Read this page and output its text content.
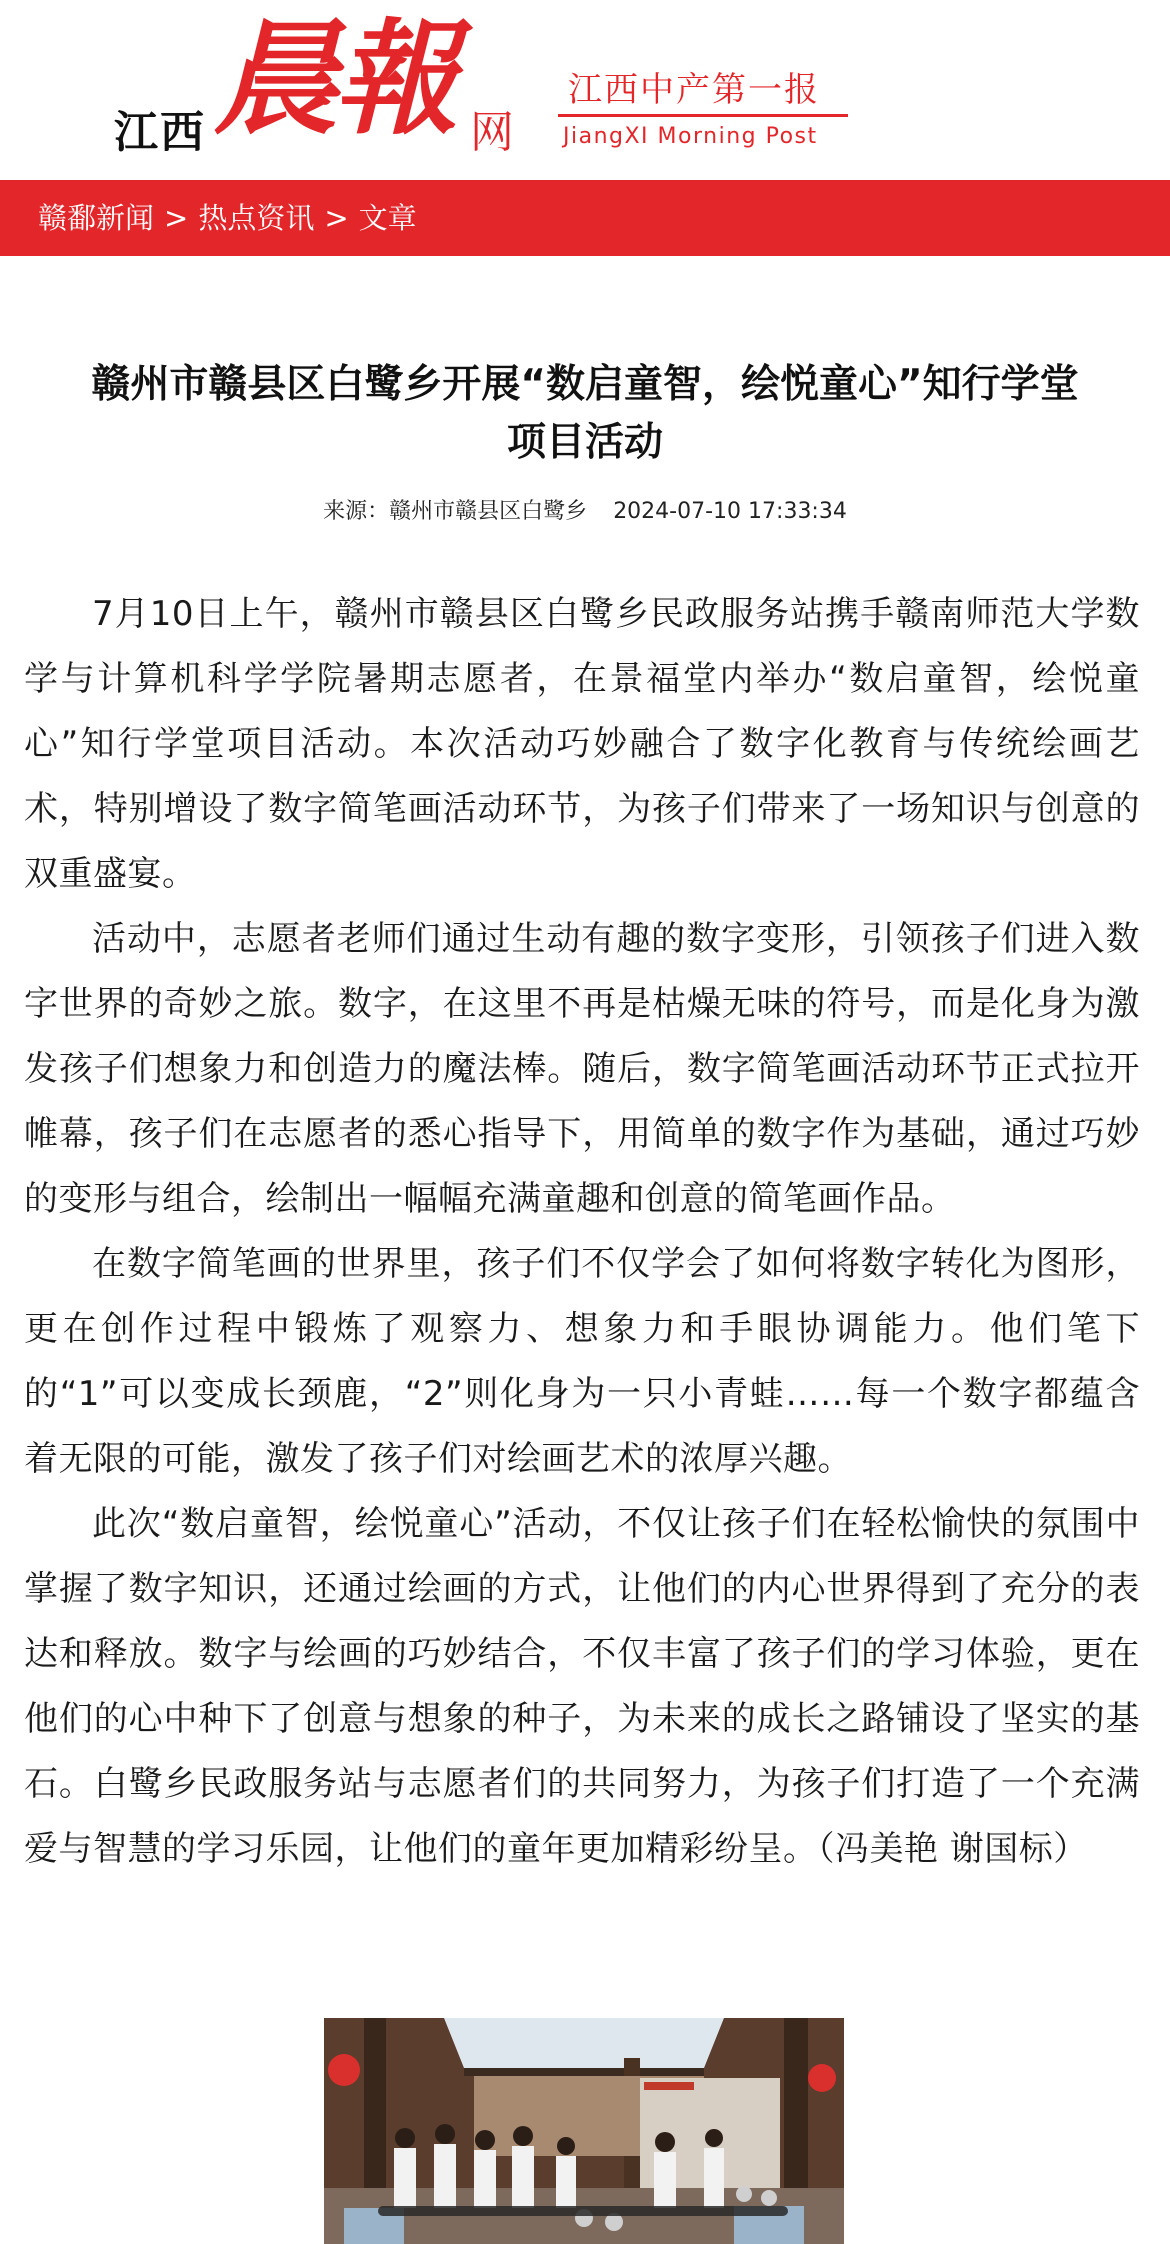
江西 晨報 网
江西中产第一报
JiangXI Morning Post
赣鄱新闻 > 热点资讯 > 文章
赣州市赣县区白鹭乡开展“数启童智，绘悦童心”知行学堂项目活动
来源：赣州市赣县区白鹭乡 2024-07-10 17:33:34

7月10日上午，赣州市赣县区白鹭乡民政服务站携手赣南师范大学数学与计算机科学学院暑期志愿者，在景福堂内举办“数启童智，绘悦童心”知行学堂项目活动。本次活动巧妙融合了数字化教育与传统绘画艺术，特别增设了数字简笔画活动环节，为孩子们带来了一场知识与创意的双重盛宴。

活动中，志愿者老师们通过生动有趣的数字变形，引领孩子们进入数字世界的奇妙之旅。数字，在这里不再是枯燥无味的符号，而是化身为激发孩子们想象力和创造力的魔法棒。随后，数字简笔画活动环节正式拉开帷幕，孩子们在志愿者的悉心指导下，用简单的数字作为基础，通过巧妙的变形与组合，绘制出一幅幅充满童趣和创意的简笔画作品。

在数字简笔画的世界里，孩子们不仅学会了如何将数字转化为图形，更在创作过程中锻炼了观察力、想象力和手眼协调能力。他们笔下的“1”可以变成长颈鹿，“2”则化身为一只小青蛙……每一个数字都蕴含着无限的可能，激发了孩子们对绘画艺术的浓厚兴趣。

此次“数启童智，绘悦童心”活动，不仅让孩子们在轻松愉快的氛围中掌握了数字知识，还通过绘画的方式，让他们的内心世界得到了充分的表达和释放。数字与绘画的巧妙结合，不仅丰富了孩子们的学习体验，更在他们的心中种下了创意与想象的种子，为未来的成长之路铺设了坚实的基石。白鹭乡民政服务站与志愿者们的共同努力，为孩子们打造了一个充满爱与智慧的学习乐园，让他们的童年更加精彩纷呈。（冯美艳 谢国标）
